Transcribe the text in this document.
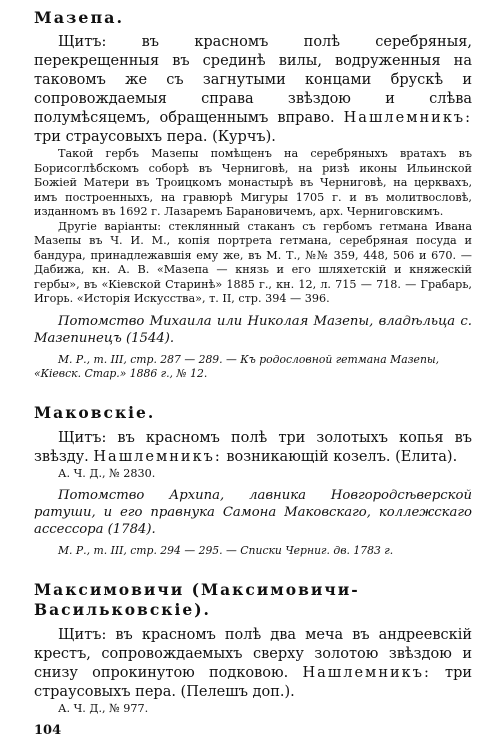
Мазепа.

Щитъ: въ красномъ полѣ серебряныя, перекрещенныя въ срединѣ вилы, водруженныя на таковомъ же съ загнутыми концами брускѣ и сопровождаемыя справа звѣздою и слѣва полумѣсяцемъ, обращеннымъ вправо. Нашлемникъ: три страусовыхъ пера. (Курчъ).

Такой гербъ Мазепы помѣщенъ на серебряныхъ вратахъ въ Борисоглѣбскомъ соборѣ въ Черниговѣ, на ризѣ иконы Ильинской Божіей Матери въ Троицкомъ монастырѣ въ Черниговѣ, на церквахъ, имъ построенныхъ, на гравюрѣ Мигуры 1705 г. и въ молитвословѣ, изданномъ въ 1692 г. Лазаремъ Барановичемъ, арх. Черниговскимъ.

Другіе варіанты: стеклянный стаканъ съ гербомъ гетмана Ивана Мазепы въ Ч. И. М., копія портрета гетмана, серебряная посуда и бандура, принадлежавшія ему же, въ М. Т., №№ 359, 448, 506 и 670. — Дабижа, кн. А. В. «Мазепа — князь и его шляхетскій и княжескій гербы», въ «Кіевской Старинѣ» 1885 г., кн. 12, л. 715 — 718. — Грабарь, Игорь. «Исторія Искусства», т. II, стр. 394 — 396.

Потомство Михаила или Николая Мазепы, владѣльца с. Мазепинецъ (1544).

М. Р., т. III, стр. 287 — 289. — Къ родословной гетмана Мазепы, «Кіевск. Стар.» 1886 г., № 12.

Маковскіе.

Щитъ: въ красномъ полѣ три золотыхъ копья въ звѣзду. Нашлемникъ: возникающій козелъ. (Елита).

А. Ч. Д., № 2830.

Потомство Архипа, лавника Новгородсѣверской ратуши, и его правнука Самона Маковскаго, коллежскаго ассессора (1784).

М. Р., т. III, стр. 294 — 295. — Списки Черниг. дв. 1783 г.

Максимовичи (Максимовичи-Васильковскіе).

Щитъ: въ красномъ полѣ два меча въ андреевскій крестъ, сопровождаемыхъ сверху золотою звѣздою и снизу опрокинутою подковою. Нашлемникъ: три страусовыхъ пера. (Пелешъ доп.).

А. Ч. Д., № 977.

104
